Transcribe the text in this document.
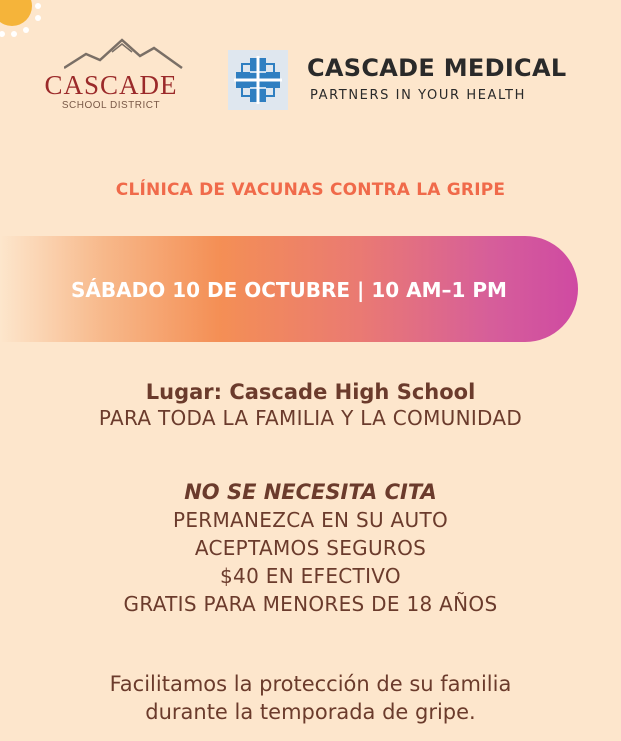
CASCADE
SCHOOL DISTRICT
CASCADE MEDICAL
PARTNERS IN YOUR HEALTH
CLÍNICA DE VACUNAS CONTRA LA GRIPE
SÁBADO 10 DE OCTUBRE | 10 AM–1 PM
Lugar: Cascade High School
PARA TODA LA FAMILIA Y LA COMUNIDAD
NO SE NECESITA CITA
PERMANEZCA EN SU AUTO
ACEPTAMOS SEGUROS
$40 EN EFECTIVO
GRATIS PARA MENORES DE 18 AÑOS
Facilitamos la protección de su familia
durante la temporada de gripe.
